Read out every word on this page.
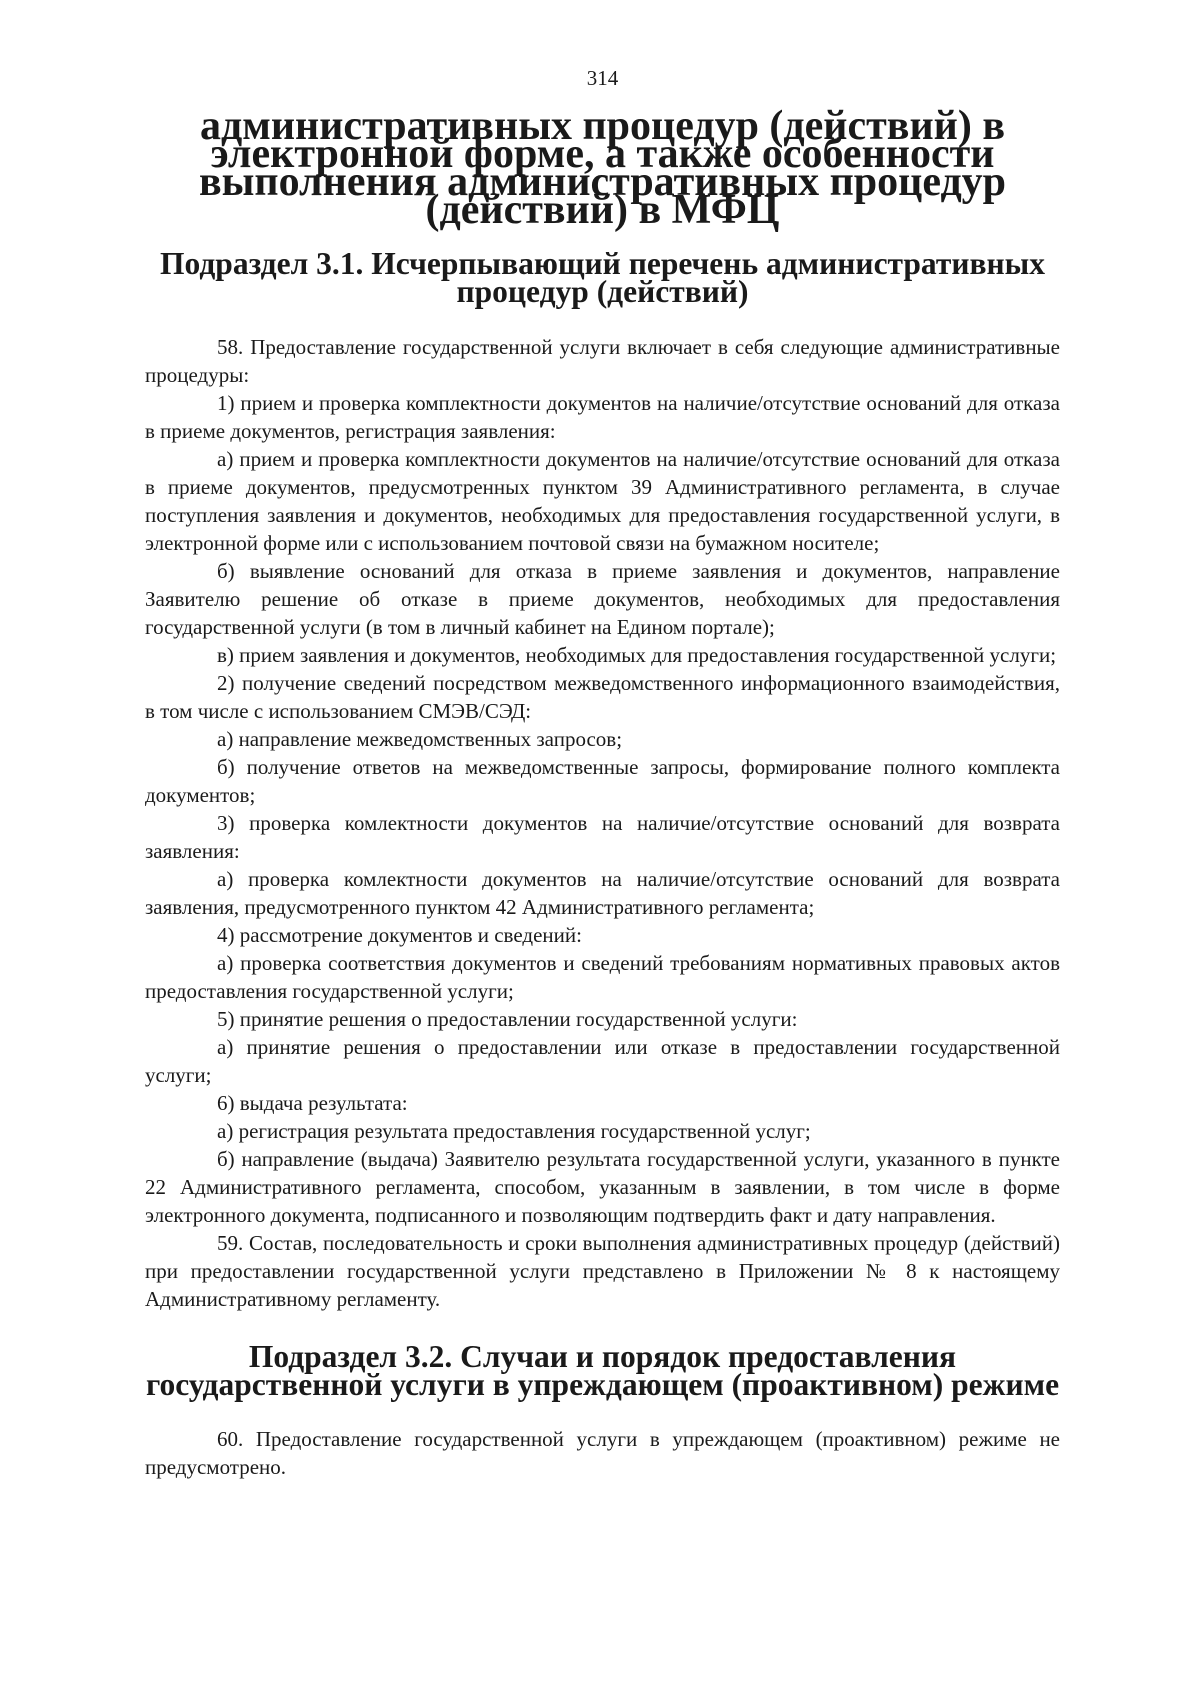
314
административных процедур (действий) в электронной форме, а также особенности выполнения административных процедур (действий) в МФЦ
Подраздел 3.1. Исчерпывающий перечень административных процедур (действий)

58. Предоставление государственной услуги включает в себя следующие административные процедуры:

1) прием и проверка комплектности документов на наличие/отсутствие оснований для отказа в приеме документов, регистрация заявления:

а) прием и проверка комплектности документов на наличие/отсутствие оснований для отказа в приеме документов, предусмотренных пунктом 39 Административного регламента, в случае поступления заявления и документов, необходимых для предоставления государственной услуги, в электронной форме или с использованием почтовой связи на бумажном носителе;

б) выявление оснований для отказа в приеме заявления и документов, направление Заявителю решение об отказе в приеме документов, необходимых для предоставления государственной услуги (в том в личный кабинет на Едином портале);

в) прием заявления и документов, необходимых для предоставления государственной услуги;

2) получение сведений посредством межведомственного информационного взаимодействия, в том числе с использованием СМЭВ/СЭД:

а) направление межведомственных запросов;

б) получение ответов на межведомственные запросы, формирование полного комплекта документов;

3) проверка комлектности документов на наличие/отсутствие оснований для возврата заявления:

а) проверка комлектности документов на наличие/отсутствие оснований для возврата заявления, предусмотренного пунктом 42 Административного регламента;

4) рассмотрение документов и сведений:

а) проверка соответствия документов и сведений требованиям нормативных правовых актов предоставления государственной услуги;

5) принятие решения о предоставлении государственной услуги:

а) принятие решения о предоставлении или отказе в предоставлении государственной услуги;

6) выдача результата:

а) регистрация результата предоставления государственной услуг;

б) направление (выдача) Заявителю результата государственной услуги, указанного в пункте 22 Административного регламента, способом, указанным в заявлении, в том числе в форме электронного документа, подписанного и позволяющим подтвердить факт и дату направления.

59. Состав, последовательность и сроки выполнения административных процедур (действий) при предоставлении государственной услуги представлено в Приложении № 8 к настоящему Административному регламенту.

Подраздел 3.2. Случаи и порядок предоставления государственной услуги в упреждающем (проактивном) режиме

60. Предоставление государственной услуги в упреждающем (проактивном) режиме не предусмотрено.
